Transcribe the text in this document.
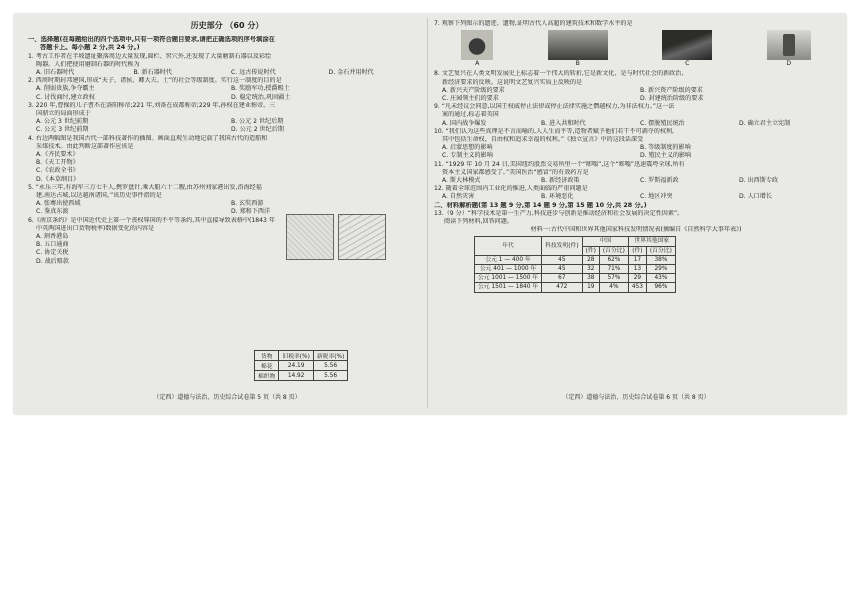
历史部分 （60 分）
一、选择题(在每题给出的四个选项中,只有一项符合题目要求,请把正确选项的序号填涂在
答题卡上。每小题 2 分,共 24 分。)
1. 考古工作者在半坡遗址聚落周边大量发现,圆栏、窖穴外,还发现了大量磨制石器以及彩绘
陶器。人们把使用磨制石器的时代称为
A. 旧石器时代	B. 新石器时代	C. 远古传说时代	D. 金石并用时代
2. 西周时期封邦建国,形成“天子、诸侯、卿大夫、士”的社会等级制度。实行这一制度的目的是
A. 削弱贵族,争夺霸主	B. 奖励军功,授爵赐土
C. 讨伐商纣,建立政权	D. 稳定统治,巩固疆土
3. 220 年,曹操的儿子曹丕在洛阳称帝;221 年,刘备在成都称帝;229 年,孙权在建业称帝。三
国鼎立的局面形成于
A. 公元 3 世纪前期	B. 公元 2 世纪后期
C. 公元 3 世纪前期	D. 公元 2 世纪后期
4. 右边两幅图是我国古代一部科技著作的插图。画面直观生动地记载了我国古代的造船和
采煤技术。由此判断这部著作应该是
A.《齐民要术》
B.《天工开物》
C.《农政全书》
D.《本草纲目》
5. “永乐三年,有海军三万七千人,携罗盘针,乘大船六十二艘,由苏州刘家港出发,沿海经福
建,南达占城,以达越南诸国。”该历史事件指的是
A. 张骞出使西域	B. 玄奘西游
C. 鉴真东渡	D. 郑和下西洋
6.《南京条约》是中国近代史上第一个丧权辱国的不平等条约,其中直接导致表格中(1843 年
中英两国进出口货物税率)数据变化的内容是
A. 割香港岛
B. 五口通商
C. 协定关税
D. 战后赔款
（定西）道德与法治、历史综合试卷第 5 页（共 8 页）
货物	旧税率(%)	新税率(%)
棉花	24.19	5.56
棉织物	14.92	5.56
7. 观察下列图示的遗迹、遗物,证明古代人高超的建筑技术和数学水平的是
A	B	C	D
8. 文艺复兴在人类文明发展史上标志着一个伟大的转折,它是新文化、是与时代社会的新政治、
新经济要求的反映。这说明文艺复兴实质上反映的是
A. 新兴天产阶级的要求	B. 新兴资产阶级的要求
C. 庄园领主们的要求	D. 封建统治阶级的要求
9. “凡未经议会同意,以国王权威停止法律或停止法律实施之僭越权力,为非法权力。”这一法
案的通过,标志着英国
A. 国内战争爆发	B. 进入共和时代	C. 摆脱殖民统治	D. 确立君主立宪制
10. “我们认为这些真理是不言而喻的,人人生而平等,造物者赋予他们若干不可剥夺的权利,
其中包括生命权、自由权和追求幸福的权利。”《独立宣言》中的这段话深受
A. 启蒙思想的影响	B. 等级制度的影响
C. 专制主义的影响	D. 殖民主义的影响
11. “1929 年 10 月 24 日,美国纽约股票交易所里一个“嘭嗡”,这个“嘭嗡”迅速震垮全球,所有
资本主义国家都感受了。”美国医治“感冒”的有效药方是
A. 斯大林模式	B. 新经济政策	C. 罗斯福新政	D. 出西斯专政
12. 随着全球范围内工业化的推进,人类面临的严重问题是
A. 自然灾害	B. 环境恶化	C. 地区冲突	D. 人口增长
二、材料解析题(第 13 题 9 分,第 14 题 9 分,第 15 题 10 分,共 28 分。)
13.（9 分）“科学技术是第一生产力,科技进步与创新是推动经济和社会发展的决定性因素”。
阅读下列材料,回答问题。
材料一:古代中国和世界其他国家科技发明情况表(摘编自《自然科学大事年表》)
年代	科技发明(件)	中国		世界其他国家	
		(件)	(百分比)	(件)	(百分比)
公元 1 — 400 年	45	28	62%	17	38%
公元 401 — 1000 年	45	32	71%	13	29%
公元 1001 — 1500 年	67	38	57%	29	43%
公元 1501 — 1840 年	472	19	4%	453	96%
（定西）道德与法治、历史综合试卷第 6 页（共 8 页）
